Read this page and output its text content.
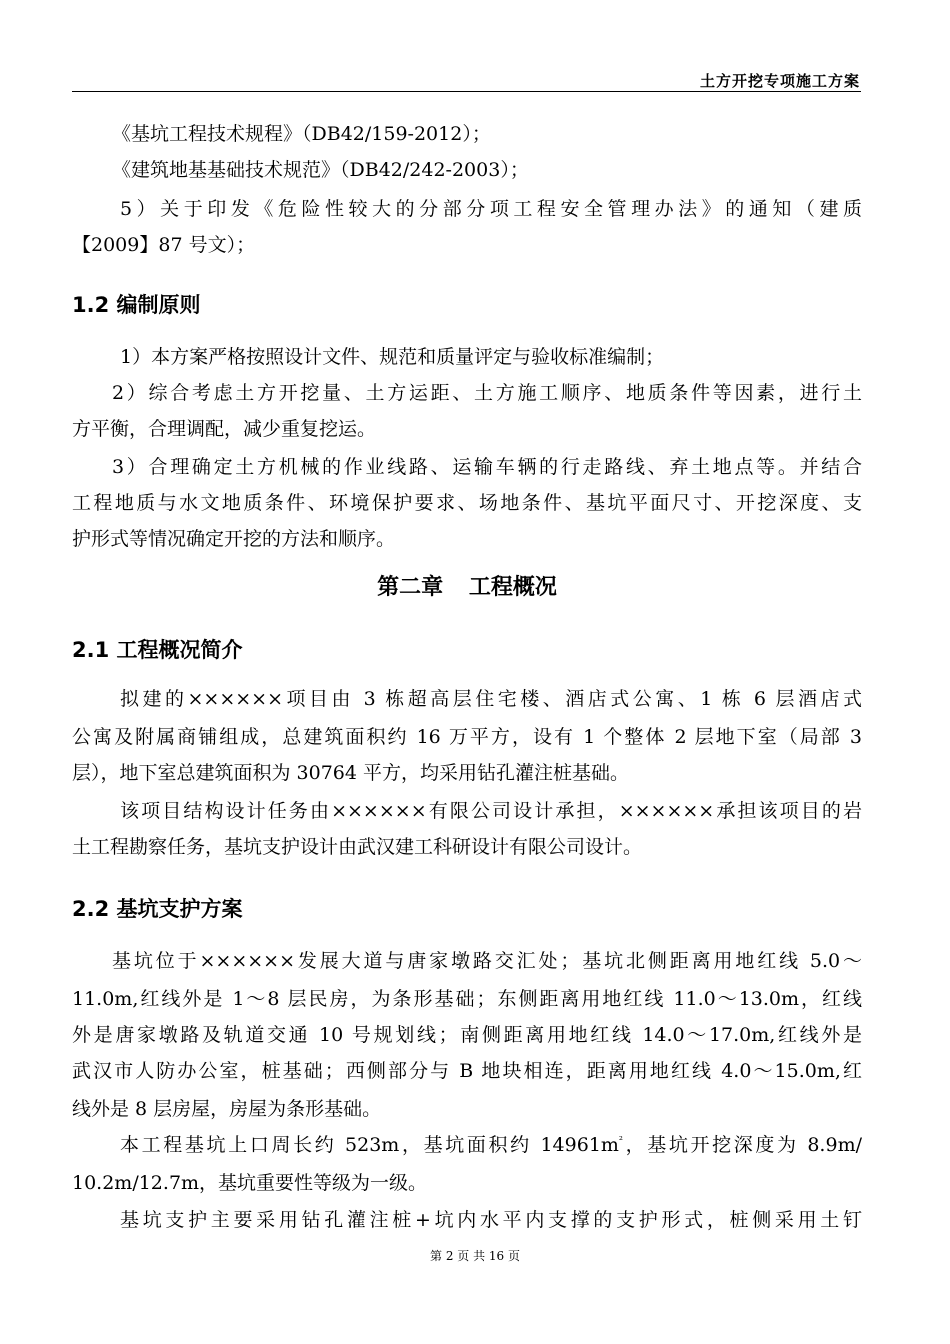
土方开挖专项施工方案
《基坑工程技术规程》（DB42/159-2012）；
《建筑地基基础技术规范》（DB42/242-2003）；
5）关于印发《危险性较大的分部分项工程安全管理办法》的通知（建质
【2009】87 号文）；
1.2 编制原则
1）本方案严格按照设计文件、规范和质量评定与验收标准编制；
2）综合考虑土方开挖量、土方运距、土方施工顺序、地质条件等因素，进行土
方平衡，合理调配，减少重复挖运。
3）合理确定土方机械的作业线路、运输车辆的行走路线、弃土地点等。并结合
工程地质与水文地质条件、环境保护要求、场地条件、基坑平面尺寸、开挖深度、支
护形式等情况确定开挖的方法和顺序。
第二章 工程概况
2.1 工程概况简介
拟建的××××××项目由 3 栋超高层住宅楼、酒店式公寓、1 栋 6 层酒店式
公寓及附属商铺组成，总建筑面积约 16 万平方，设有 1 个整体 2 层地下室（局部 3
层），地下室总建筑面积为 30764 平方，均采用钻孔灌注桩基础。
该项目结构设计任务由××××××有限公司设计承担，××××××承担该项目的岩
土工程勘察任务，基坑支护设计由武汉建工科研设计有限公司设计。
2.2 基坑支护方案
基坑位于××××××发展大道与唐家墩路交汇处；基坑北侧距离用地红线 5.0～
11.0m,红线外是 1～8 层民房，为条形基础；东侧距离用地红线 11.0～13.0m，红线
外是唐家墩路及轨道交通 10 号规划线；南侧距离用地红线 14.0～17.0m,红线外是
武汉市人防办公室，桩基础；西侧部分与 B 地块相连，距离用地红线 4.0～15.0m,红
线外是 8 层房屋，房屋为条形基础。
本工程基坑上口周长约 523m，基坑面积约 $14961m^{^2}$，基坑开挖深度为 8.9m/
10.2m/12.7m，基坑重要性等级为一级。
基坑支护主要采用钻孔灌注桩+坑内水平内支撑的支护形式，桩侧采用土钉
第 2 页 共 16 页
